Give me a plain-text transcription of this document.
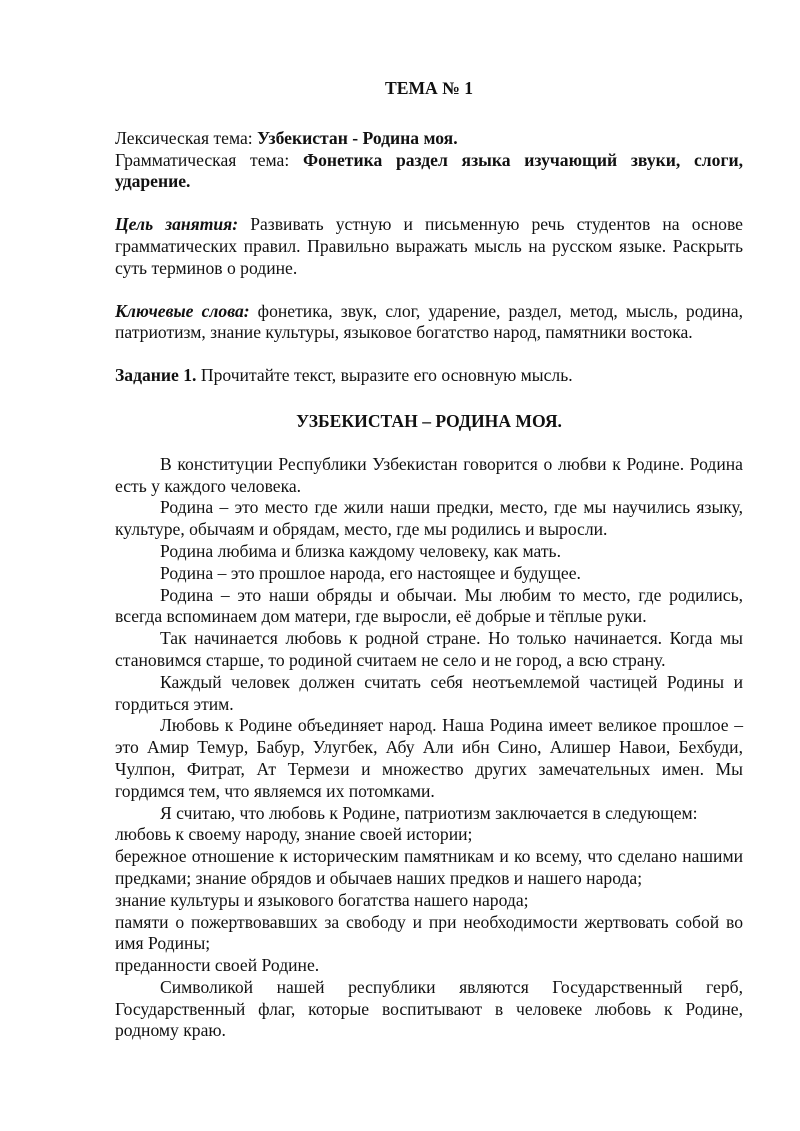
ТЕМА № 1

Лексическая тема: Узбекистан - Родина моя.

Грамматическая тема: Фонетика раздел языка изучающий звуки, слоги, ударение.

Цель занятия: Развивать устную и письменную речь студентов на основе грамматических правил. Правильно выражать мысль на русском языке. Раскрыть суть терминов о родине.

Ключевые слова: фонетика, звук, слог, ударение, раздел, метод, мысль, родина, патриотизм, знание культуры, языковое богатство народ, памятники востока.

Задание 1. Прочитайте текст, выразите его основную мысль.

УЗБЕКИСТАН – РОДИНА МОЯ.

В конституции Республики Узбекистан говорится о любви к Родине. Родина есть у каждого человека.

Родина – это место где жили наши предки, место, где мы научились языку, культуре, обычаям и обрядам, место, где мы родились и выросли.

Родина любима и близка каждому человеку, как мать.

Родина – это прошлое народа, его настоящее и будущее.

Родина – это наши обряды и обычаи. Мы любим то место, где родились, всегда вспоминаем дом матери, где выросли, её добрые и тёплые руки.

Так начинается любовь к родной стране. Но только начинается. Когда мы становимся старше, то родиной считаем не село и не город, а всю страну.

Каждый человек должен считать себя неотъемлемой частицей Родины и гордиться этим.

Любовь к Родине объединяет народ. Наша Родина имеет великое прошлое – это Амир Темур, Бабур, Улугбек, Абу Али ибн Сино, Алишер Навои, Бехбуди, Чулпон, Фитрат, Ат Термези и множество других замечательных имен. Мы гордимся тем, что являемся их потомками.

Я считаю, что любовь к Родине, патриотизм заключается в следующем:

любовь к своему народу, знание своей истории;

бережное отношение к историческим памятникам и ко всему, что сделано нашими предками; знание обрядов и обычаев наших предков и нашего народа;

знание культуры и языкового богатства нашего народа;

памяти о пожертвовавших за свободу и при необходимости жертвовать собой во имя Родины;

преданности своей Родине.

Символикой нашей республики являются Государственный герб, Государственный флаг, которые воспитывают в человеке любовь к Родине, родному краю.
